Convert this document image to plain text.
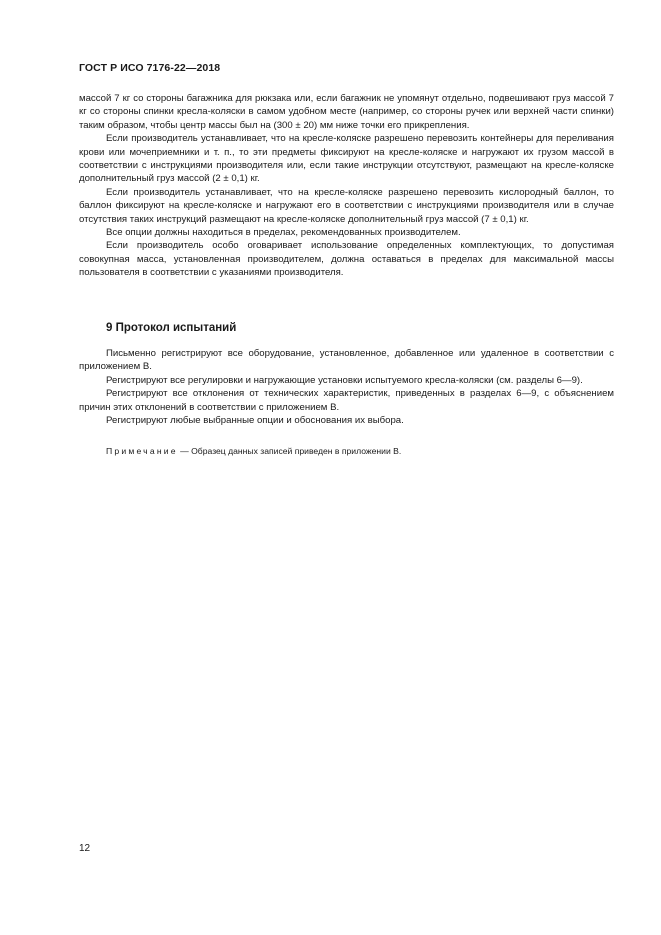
ГОСТ Р ИСО 7176-22—2018

массой 7 кг со стороны багажника для рюкзака или, если багажник не упомянут отдельно, подвешивают груз массой 7 кг со стороны спинки кресла-коляски в самом удобном месте (например, со стороны ручек или верхней части спинки) таким образом, чтобы центр массы был на (300 ± 20) мм ниже точки его прикрепления.

Если производитель устанавливает, что на кресле-коляске разрешено перевозить контейнеры для переливания крови или мочеприемники и т. п., то эти предметы фиксируют на кресле-коляске и нагружают их грузом массой в соответствии с инструкциями производителя или, если такие инструкции отсутствуют, размещают на кресле-коляске дополнительный груз массой (2 ± 0,1) кг.

Если производитель устанавливает, что на кресле-коляске разрешено перевозить кислородный баллон, то баллон фиксируют на кресле-коляске и нагружают его в соответствии с инструкциями производителя или в случае отсутствия таких инструкций размещают на кресле-коляске дополнительный груз массой (7 ± 0,1) кг.

Все опции должны находиться в пределах, рекомендованных производителем.

Если производитель особо оговаривает использование определенных комплектующих, то допустимая совокупная масса, установленная производителем, должна оставаться в пределах для максимальной массы пользователя в соответствии с указаниями производителя.

9 Протокол испытаний

Письменно регистрируют все оборудование, установленное, добавленное или удаленное в соответствии с приложением В.

Регистрируют все регулировки и нагружающие установки испытуемого кресла-коляски (см. разделы 6—9).

Регистрируют все отклонения от технических характеристик, приведенных в разделах 6—9, с объяснением причин этих отклонений в соответствии с приложением В.

Регистрируют любые выбранные опции и обоснования их выбора.

Примечание — Образец данных записей приведен в приложении В.
12
